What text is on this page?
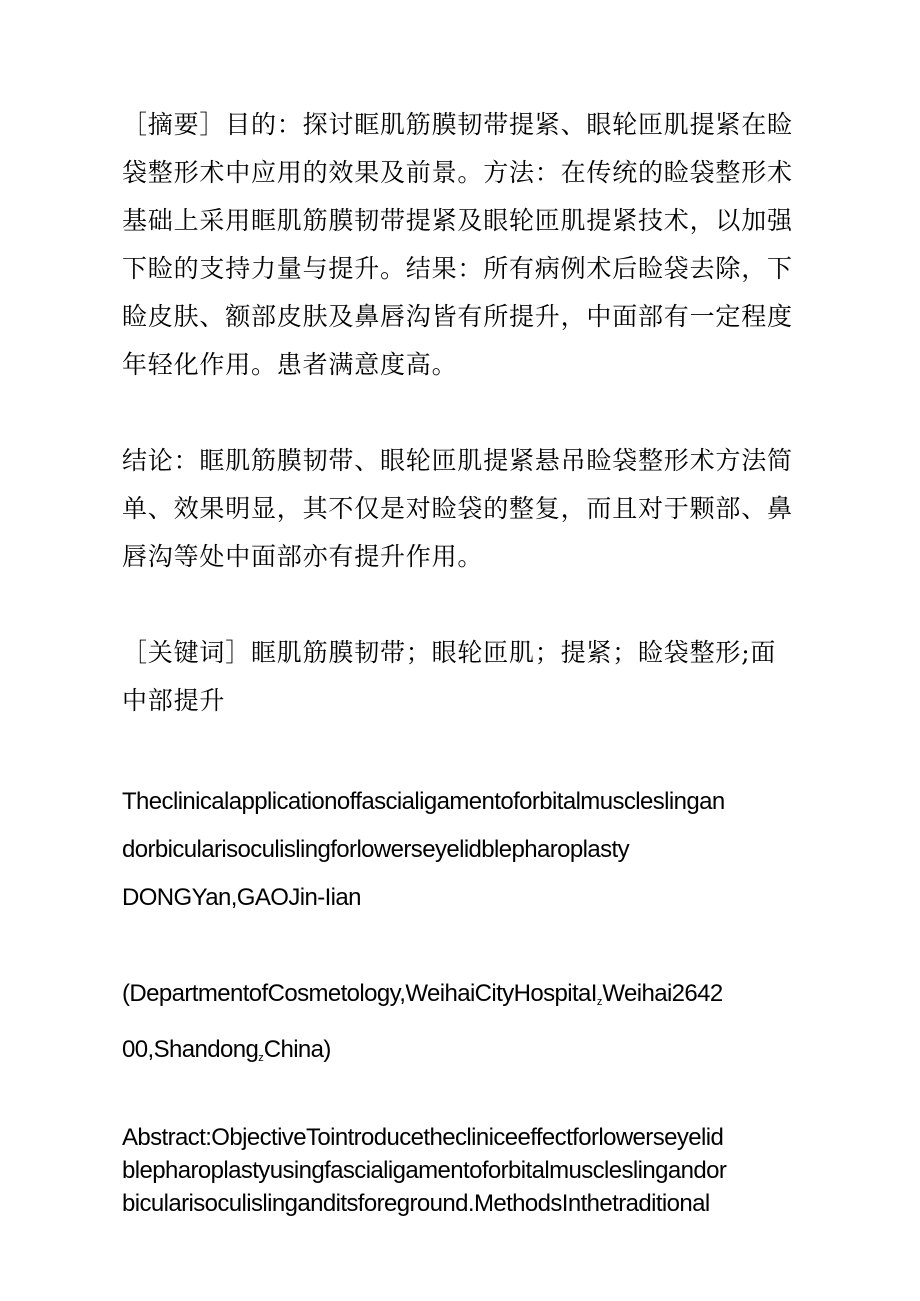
［摘要］目的：探讨眶肌筋膜韧带提紧、眼轮匝肌提紧在睑
袋整形术中应用的效果及前景。方法：在传统的睑袋整形术
基础上采用眶肌筋膜韧带提紧及眼轮匝肌提紧技术，以加强
下睑的支持力量与提升。结果：所有病例术后睑袋去除，下
睑皮肤、额部皮肤及鼻唇沟皆有所提升，中面部有一定程度
年轻化作用。患者满意度高。
结论：眶肌筋膜韧带、眼轮匝肌提紧悬吊睑袋整形术方法简
单、效果明显，其不仅是对睑袋的整复，而且对于颗部、鼻
唇沟等处中面部亦有提升作用。
［关键词］眶肌筋膜韧带；眼轮匝肌；提紧；睑袋整形;面
中部提升
Theclinicalapplicationoffascialigamentoforbitalmuscleslingan
dorbicularisoculislingforlowerseyelidblepharoplasty
DONGYan,GAOJin-Iian
(DepartmentofCosmetology,WeihaiCityHospitaI$_z$Weihai2642
00,Shandong$_z$China)
Abstract:ObjectiveTointroducethecliniceeffectforlowerseyelid
blepharoplastyusingfascialigamentoforbitalmuscleslingandor
bicularisoculislinganditsforeground.MethodsInthetraditional
